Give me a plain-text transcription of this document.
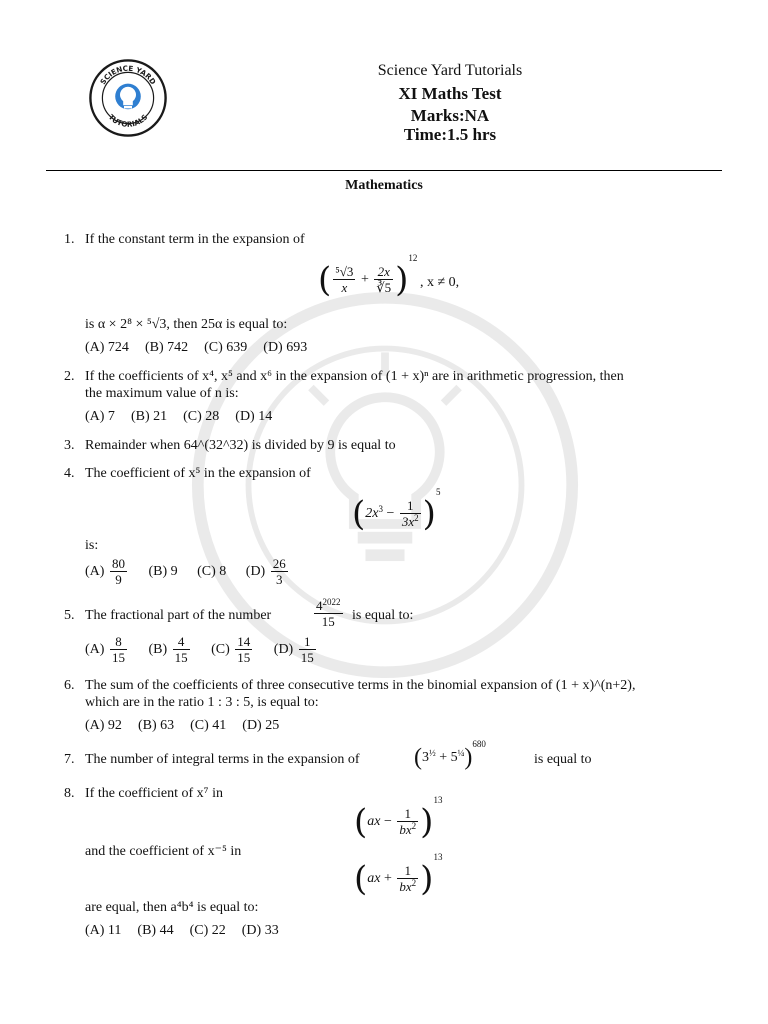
SCIENCE YARD
TUTORIALS
Science Yard Tutorials
XI Maths Test
Marks:NA
Time:1.5 hrs
Mathematics
1. If the constant term in the expansion of
( $\frac{\text{⁵√3}}{x} + \frac{2x}{∛5} )^{12}$
, x ≠ 0,
is α × 2⁸ × ⁵√3, then 25α is equal to:
(A) 724 (B) 742 (C) 639 (D) 693
2. If the coefficients of x⁴, x⁵ and x⁶ in the expansion of (1 + x)ⁿ are in arithmetic progression, then
the maximum value of n is:
(A) 7 (B) 21 (C) 28 (D) 14
3. Remainder when 64^(32^32) is divided by 9 is equal to
4. The coefficient of x⁵ in the expansion of
$(2x^3 - \frac{1}{3x^2} )^5$
is:
$(A) \frac{80}{9} (B)$ 9 (C) 8 $(D) \frac{26}{3}$
5. The fractional part of the number	$\frac{4^{2022}}{15}$ is equal to:
$(A) \frac{8}{15} (B) \frac{4}{15} (C) \frac{14}{15} (D) \frac{1}{15}$
6. The sum of the coefficients of three consecutive terms in the binomial expansion of (1 + x)^(n+2),
which are in the ratio 1 : 3 : 5, is equal to:
(A) 92 (B) 63 (C) 41 (D) 25
7. The number of integral terms in the expansion of $(3^{\frac{1}{2}} + 5^{\frac{1}{4}})^{680}$
is equal to
8. If the coefficient of x⁷ in
$(ax - \frac{1}{bx^2} )^{13}$
and the coefficient of x⁻⁵ in
$(ax + \frac{1}{bx^2} )^{13}$
are equal, then a⁴b⁴ is equal to:
(A) 11 (B) 44 (C) 22 (D) 33
